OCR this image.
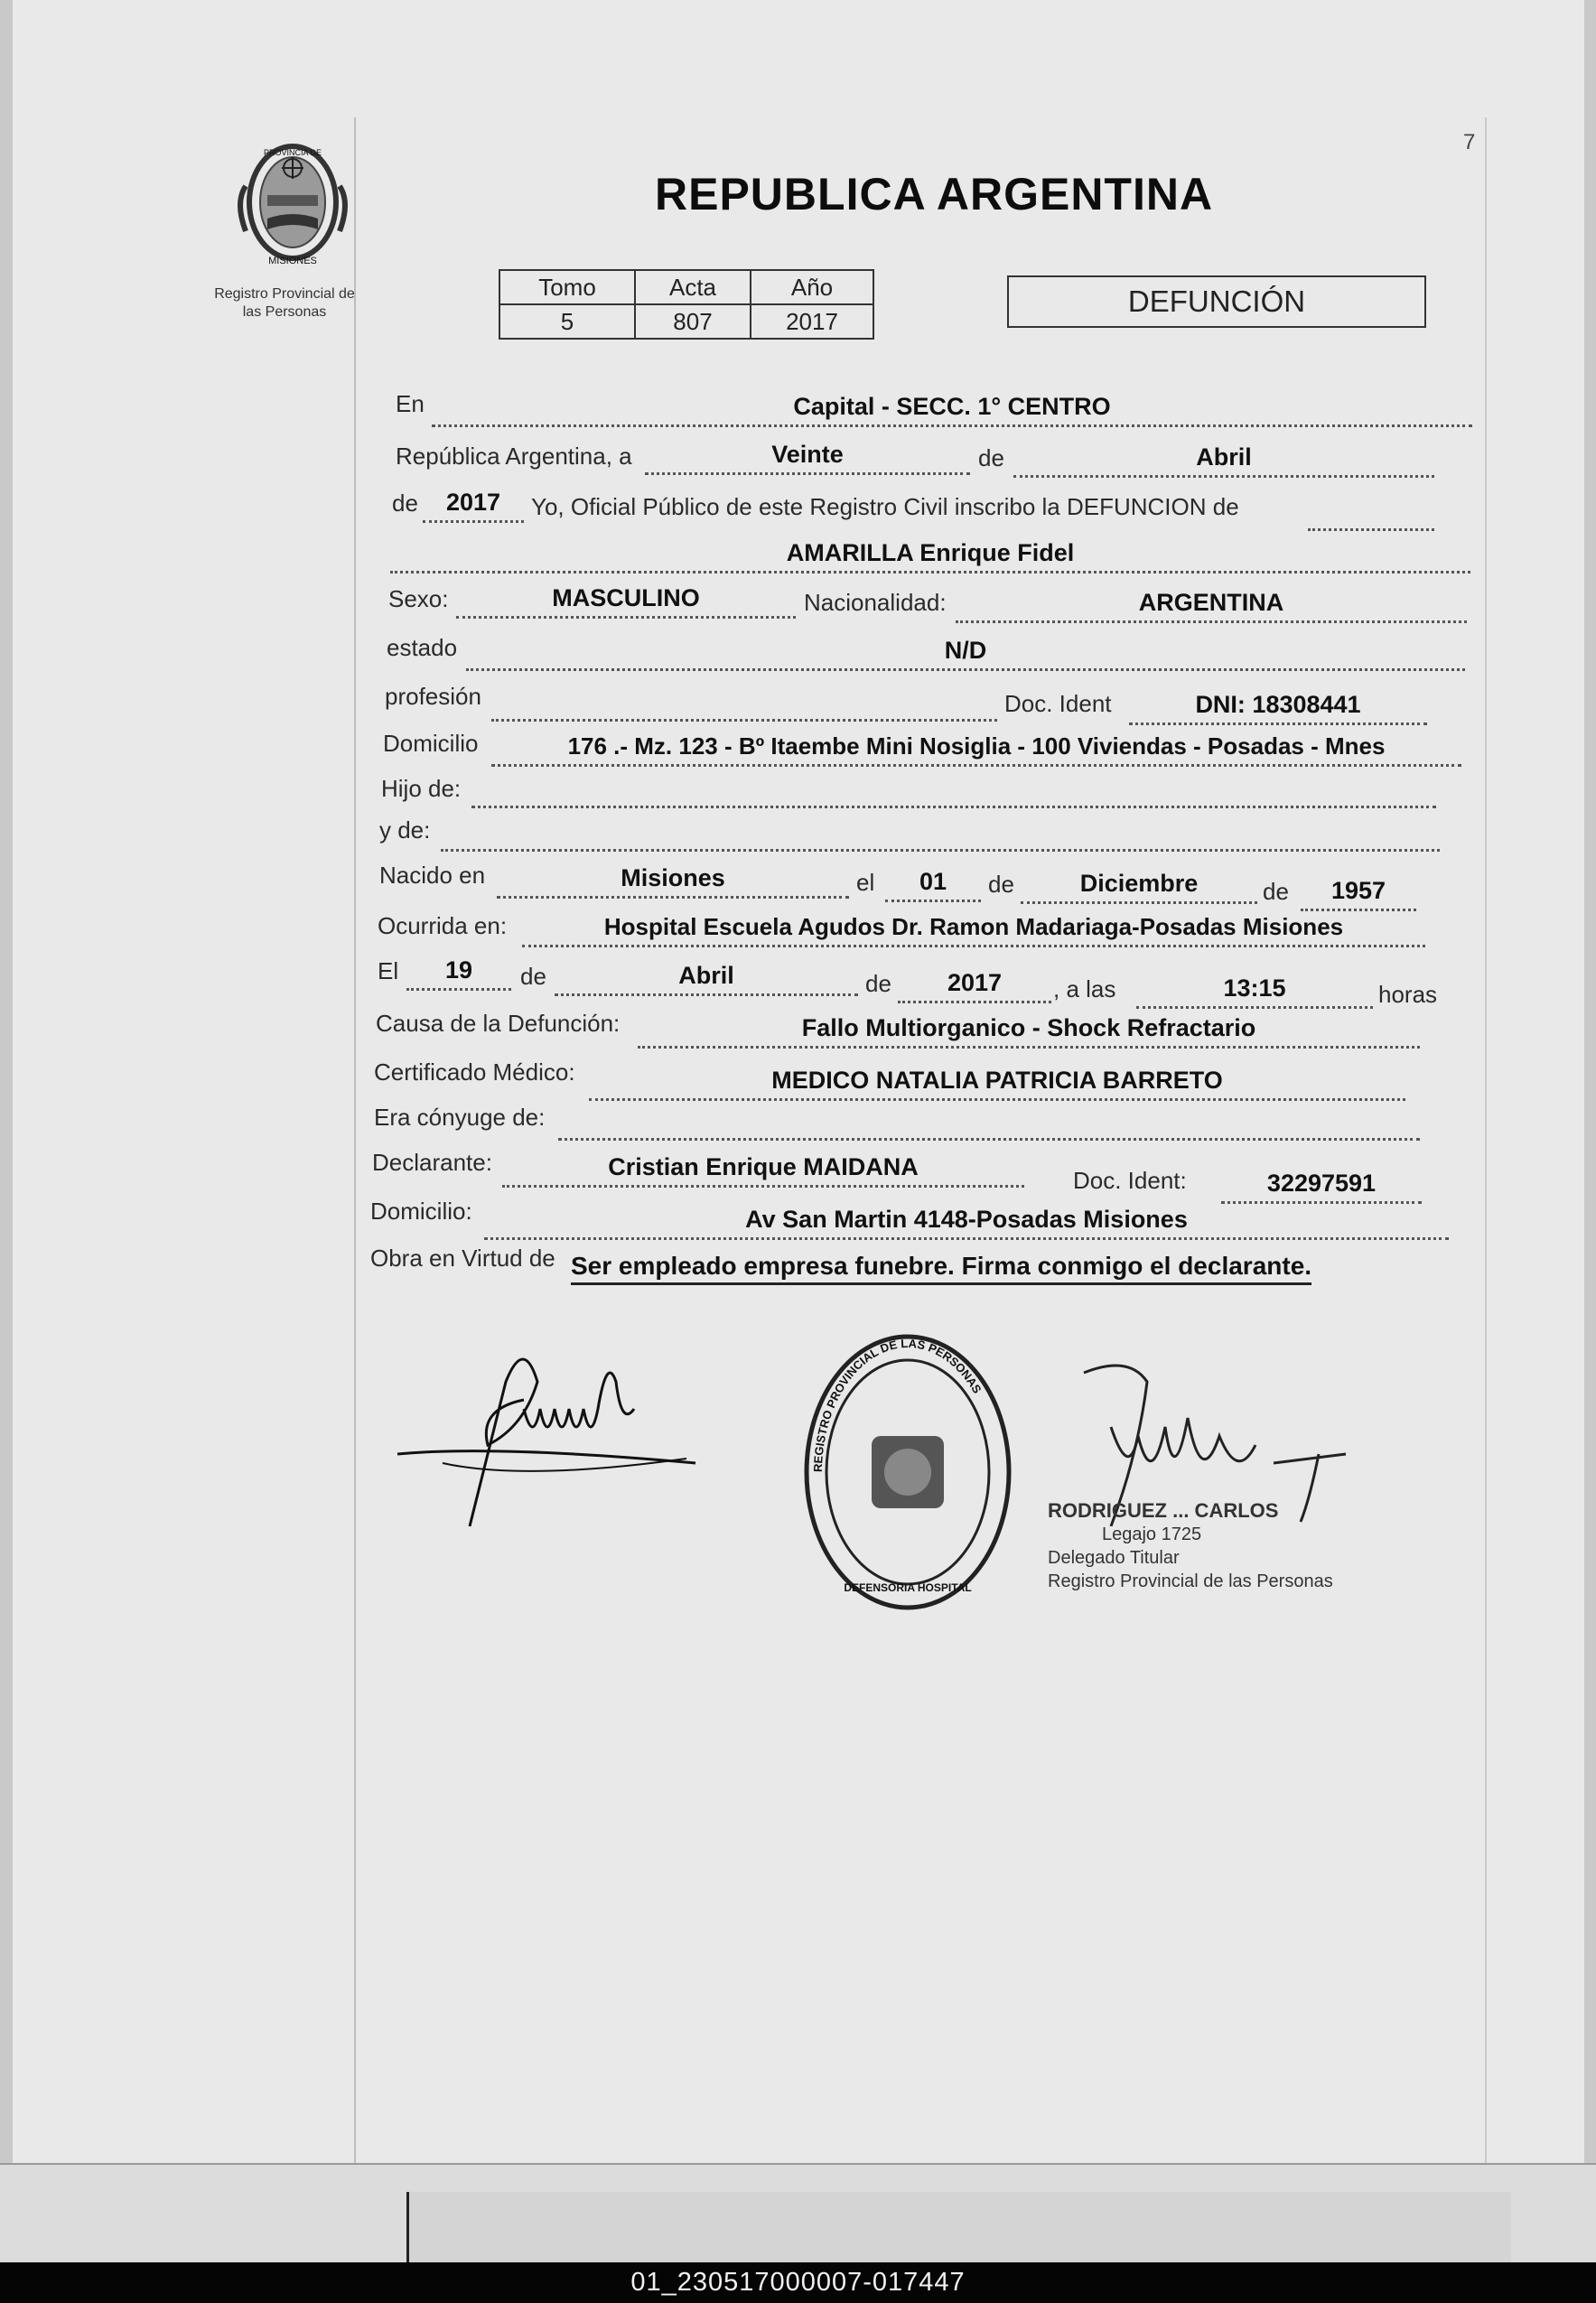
7
PROVINCIA DE
MISIONES
Registro Provincial de
las Personas
REPUBLICA ARGENTINA
Tomo	Acta	Año
5	807	2017
DEFUNCIÓN
En	Capital - SECC. 1° CENTRO
República Argentina, a	Veinte	de	Abril
de	2017	Yo, Oficial Público de este Registro Civil inscribo la DEFUNCION de
AMARILLA Enrique Fidel
Sexo:	MASCULINO	Nacionalidad:	ARGENTINA
estado	N/D
profesión	Doc. Ident	DNI: 18308441
Domicilio	176 .- Mz. 123 - Bº Itaembe Mini Nosiglia - 100 Viviendas - Posadas - Mnes
Hijo de:
y de:
Nacido en	Misiones	el	01	de	Diciembre	de	1957
Ocurrida en:	Hospital Escuela Agudos Dr. Ramon Madariaga-Posadas Misiones
El	19	de	Abril	de	2017	, a las	13:15	horas
Causa de la Defunción:	Fallo Multiorganico - Shock Refractario
Certificado Médico:	MEDICO NATALIA PATRICIA BARRETO
Era cónyuge de:
Declarante:	Cristian Enrique MAIDANA	Doc. Ident:	32297591
Domicilio:	Av San Martin 4148-Posadas Misiones
Obra en Virtud de Ser empleado empresa funebre. Firma conmigo el declarante.
REGISTRO PROVINCIAL DE LAS PERSONAS
DEFENSORIA HOSPITAL
RODRIGUEZ ... CARLOS
Legajo 1725
Delegado Titular
Registro Provincial de las Personas
01_230517000007-017447
